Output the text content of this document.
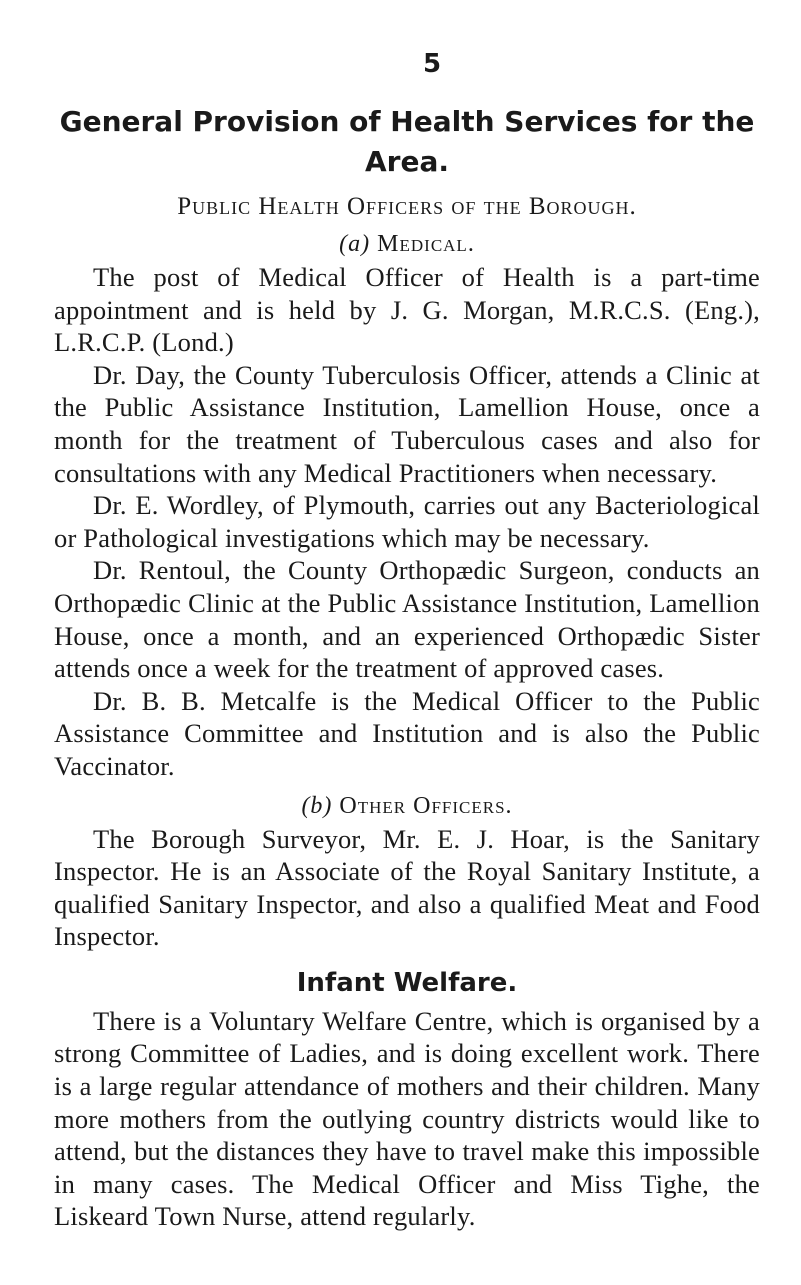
5
General Provision of Health Services for the Area.
Public Health Officers of the Borough.
(a) Medical.

The post of Medical Officer of Health is a part-time appointment and is held by J. G. Morgan, M.R.C.S. (Eng.), L.R.C.P. (Lond.)

Dr. Day, the County Tuberculosis Officer, attends a Clinic at the Public Assistance Institution, Lamellion House, once a month for the treatment of Tuberculous cases and also for consultations with any Medical Practitioners when necessary.

Dr. E. Wordley, of Plymouth, carries out any Bacteriological or Pathological investigations which may be necessary.

Dr. Rentoul, the County Orthopædic Surgeon, conducts an Orthopædic Clinic at the Public Assistance Institution, Lamellion House, once a month, and an experienced Orthopædic Sister attends once a week for the treatment of approved cases.

Dr. B. B. Metcalfe is the Medical Officer to the Public Assistance Committee and Institution and is also the Public Vaccinator.

(b) Other Officers.

The Borough Surveyor, Mr. E. J. Hoar, is the Sanitary Inspector. He is an Associate of the Royal Sanitary Institute, a qualified Sanitary Inspector, and also a qualified Meat and Food Inspector.

Infant Welfare.

There is a Voluntary Welfare Centre, which is organised by a strong Committee of Ladies, and is doing excellent work. There is a large regular attendance of mothers and their children. Many more mothers from the outlying country districts would like to attend, but the distances they have to travel make this impossible in many cases. The Medical Officer and Miss Tighe, the Liskeard Town Nurse, attend regularly.
